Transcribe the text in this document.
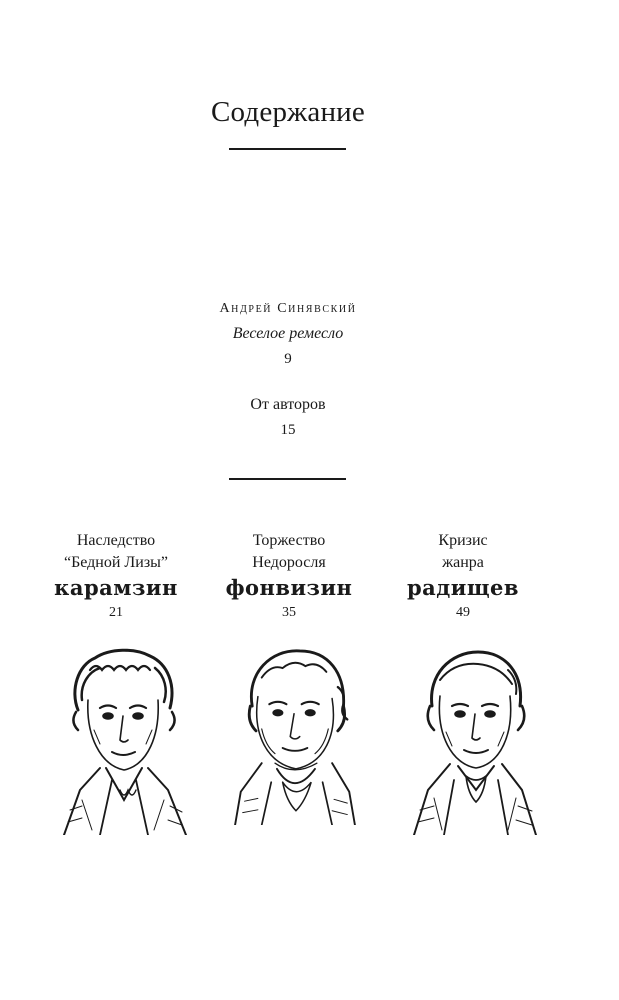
Содержание
Андрей Синявский
Веселое ремесло
9
От авторов
15
Наследство
“Бедной Лизы”
карамзин
21
Торжество
Недоросля
фонвизин
35
Кризис
жанра
радищев
49
